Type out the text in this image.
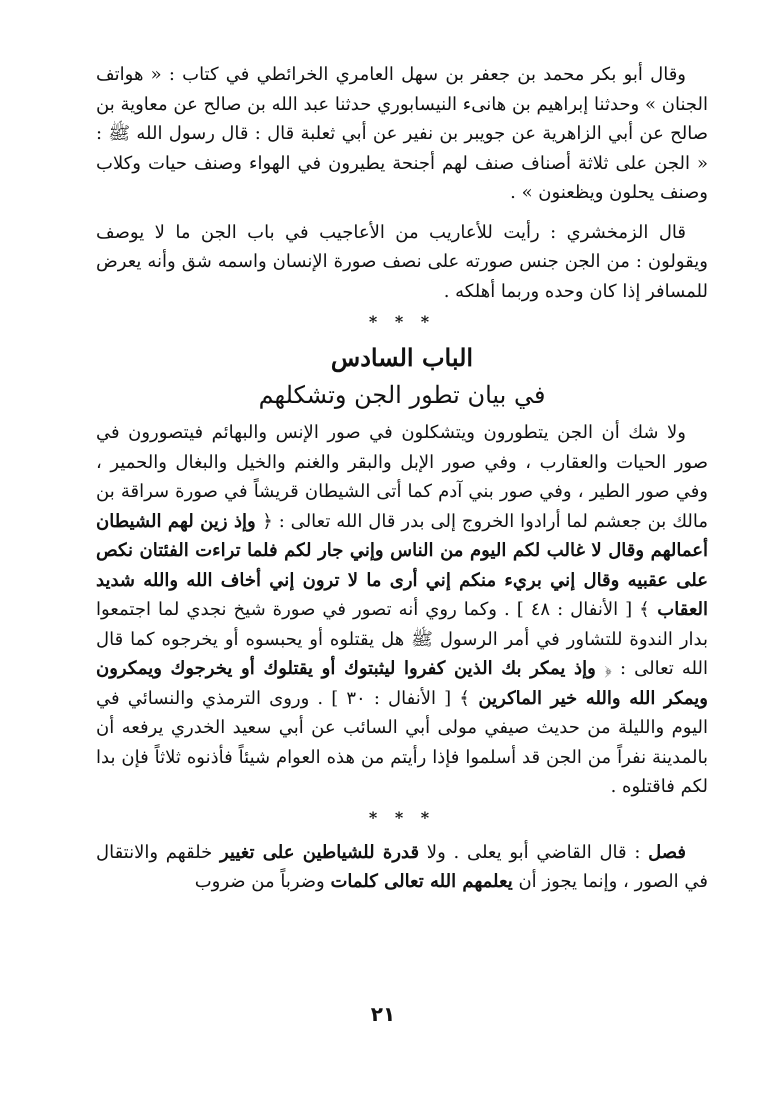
وقال أبو بكر محمد بن جعفر بن سهل العامري الخرائطي في كتاب : « هواتف الجنان » وحدثنا إبراهيم بن هانىء النيسابوري حدثنا عبد الله بن صالح عن معاوية بن صالح عن أبي الزاهرية عن جويبر بن نفير عن أبي ثعلبة قال : قال رسول الله ﷺ : « الجن على ثلاثة أصناف صنف لهم أجنحة يطيرون في الهواء وصنف حيات وكلاب وصنف يحلون ويظعنون » .

قال الزمخشري : رأيت للأعاريب من الأعاجيب في باب الجن ما لا يوصف ويقولون : من الجن جنس صورته على نصف صورة الإنسان واسمه شق وأنه يعرض للمسافر إذا كان وحده وربما أهلكه .

* * *
الباب السادس
في بيان تطور الجن وتشكلهم

ولا شك أن الجن يتطورون ويتشكلون في صور الإنس والبهائم فيتصورون في صور الحيات والعقارب ، وفي صور الإبل والبقر والغنم والخيل والبغال والحمير ، وفي صور الطير ، وفي صور بني آدم كما أتى الشيطان قريشاً في صورة سراقة بن مالك بن جعشم لما أرادوا الخروج إلى بدر قال الله تعالى : ﴿ وإذ زين لهم الشيطان أعمالهم وقال لا غالب لكم اليوم من الناس وإني جار لكم فلما تراءت الفئتان نكص على عقبيه وقال إني بريء منكم إني أرى ما لا ترون إني أخاف الله والله شديد العقاب ﴾ [ الأنفال : ٤٨ ] . وكما روي أنه تصور في صورة شيخ نجدي لما اجتمعوا بدار الندوة للتشاور في أمر الرسول ﷺ هل يقتلوه أو يحبسوه أو يخرجوه كما قال الله تعالى : ﴿ وإذ يمكر بك الذين كفروا ليثبتوك أو يقتلوك أو يخرجوك ويمكرون ويمكر الله والله خير الماكرين ﴾ [ الأنفال : ٣٠ ] . وروى الترمذي والنسائي في اليوم والليلة من حديث صيفي مولى أبي السائب عن أبي سعيد الخدري يرفعه أن بالمدينة نفراً من الجن قد أسلموا فإذا رأيتم من هذه العوام شيئاً فأذنوه ثلاثاً فإن بدا لكم فاقتلوه .

* * *

فصل : قال القاضي أبو يعلى . ولا قدرة للشياطين على تغيير خلقهم والانتقال في الصور ، وإنما يجوز أن يعلمهم الله تعالى كلمات وضرباً من ضروب

٢١
